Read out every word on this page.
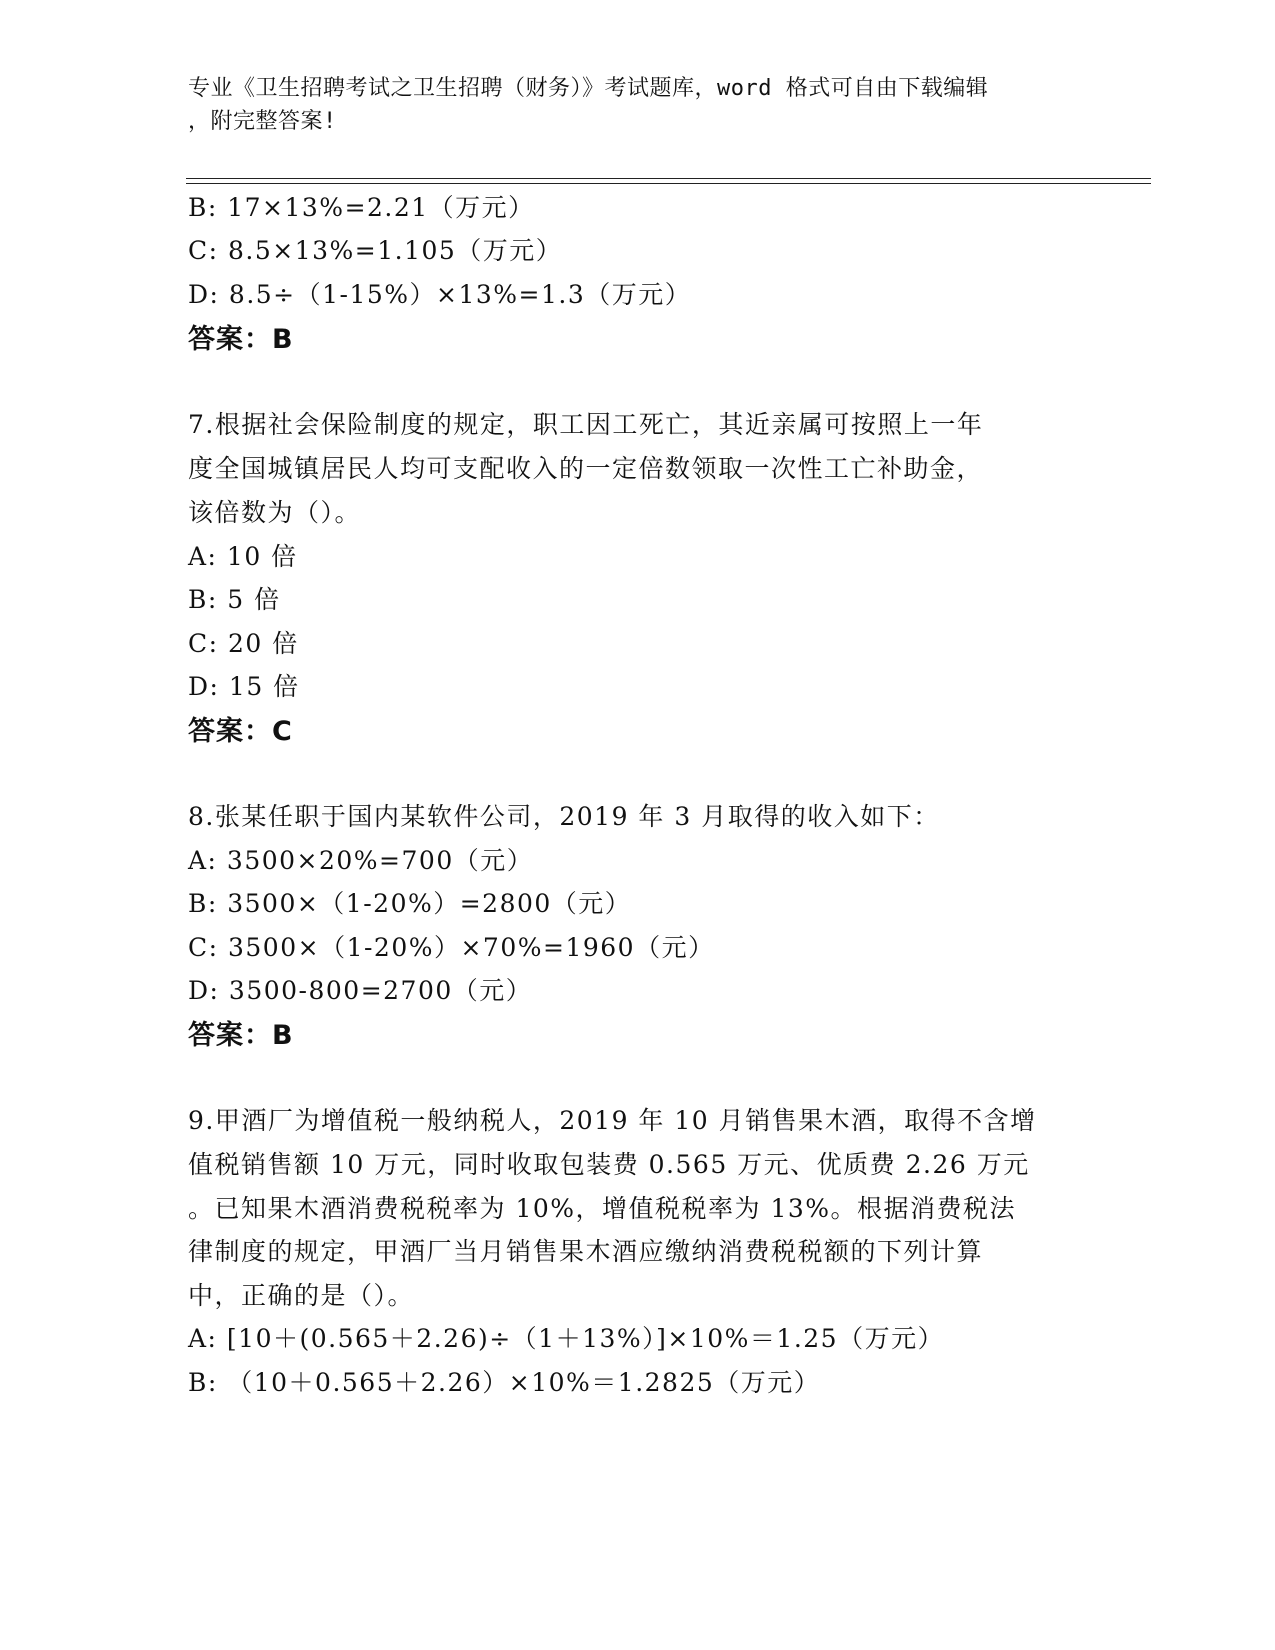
专业《卫生招聘考试之卫生招聘（财务）》考试题库，word 格式可自由下载编辑
，附完整答案!
B: 17×13%=2.21（万元）
C: 8.5×13%=1.105（万元）
D: 8.5÷（1-15%）×13%=1.3（万元）
答案：B
7.根据社会保险制度的规定，职工因工死亡，其近亲属可按照上一年
度全国城镇居民人均可支配收入的一定倍数领取一次性工亡补助金，
该倍数为（）。
A: 10 倍
B: 5 倍
C: 20 倍
D: 15 倍
答案：C
8.张某任职于国内某软件公司，2019 年 3 月取得的收入如下：
A: 3500×20%=700（元）
B: 3500×（1-20%）=2800（元）
C: 3500×（1-20%）×70%=1960（元）
D: 3500-800=2700（元）
答案：B
9.甲酒厂为增值税一般纳税人，2019 年 10 月销售果木酒，取得不含增
值税销售额 10 万元，同时收取包装费 0.565 万元、优质费 2.26 万元
。已知果木酒消费税税率为 10%，增值税税率为 13%。根据消费税法
律制度的规定，甲酒厂当月销售果木酒应缴纳消费税税额的下列计算
中，正确的是（）。
A: [10＋(0.565＋2.26)÷（1＋13%）]×10%＝1.25（万元）
B: （10＋0.565＋2.26）×10%＝1.2825（万元）
